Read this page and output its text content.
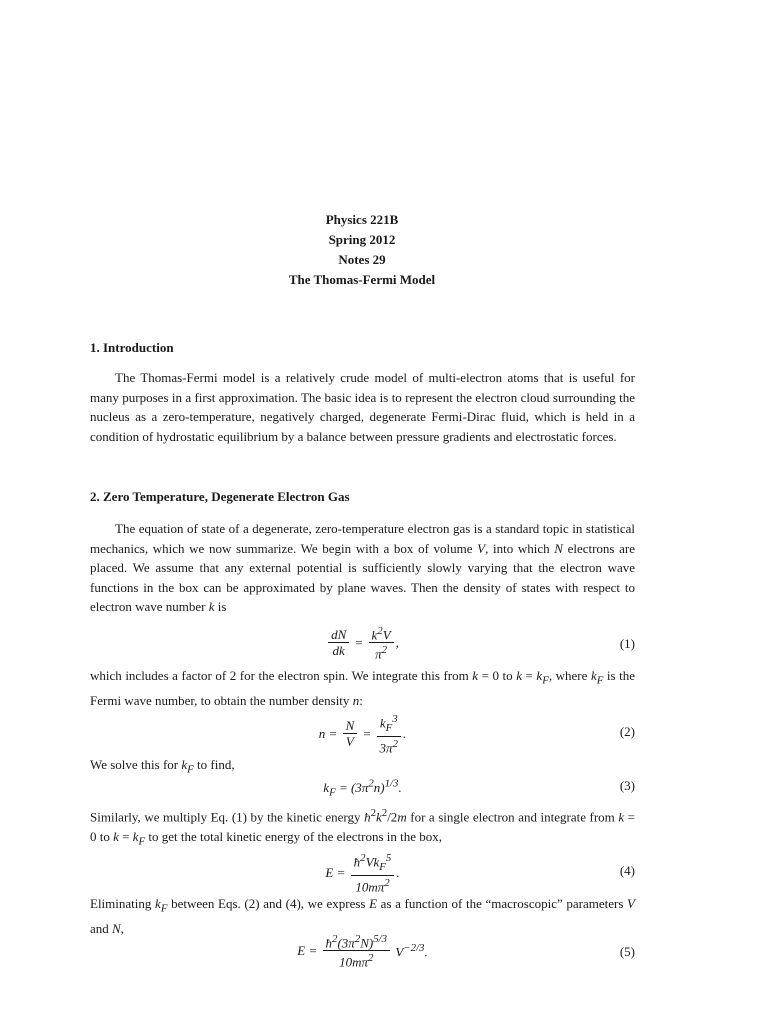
Physics 221B
Spring 2012
Notes 29
The Thomas-Fermi Model
1. Introduction
The Thomas-Fermi model is a relatively crude model of multi-electron atoms that is useful for many purposes in a first approximation. The basic idea is to represent the electron cloud surrounding the nucleus as a zero-temperature, negatively charged, degenerate Fermi-Dirac fluid, which is held in a condition of hydrostatic equilibrium by a balance between pressure gradients and electrostatic forces.
2. Zero Temperature, Degenerate Electron Gas
The equation of state of a degenerate, zero-temperature electron gas is a standard topic in statistical mechanics, which we now summarize. We begin with a box of volume V, into which N electrons are placed. We assume that any external potential is sufficiently slowly varying that the electron wave functions in the box can be approximated by plane waves. Then the density of states with respect to electron wave number k is
$\frac{dN}{dk} = \frac{k^2V}{\pi^2}$ ,	(1)
which includes a factor of 2 for the electron spin. We integrate this from k = 0 to $k = k_F$, where $k_F$ is the Fermi wave number, to obtain the number density n:
$n = \frac{N}{V} = \frac{k_F^3}{3\pi^2}$ .	(2)
We solve this for $k_F$ to find,
$k_F = (3\pi^2n)^{1/3}$.	(3)
Similarly, we multiply Eq. (1) by the kinetic energy $ħ^2k^2/2m$ for a single electron and integrate from k = 0 to $k = k_F$ to get the total kinetic energy of the electrons in the box,
$E = \frac{ħ^2Vk_F^5}{10m\pi^2}$ .	(4)
Eliminating $k_F$ between Eqs. (2) and (4), we express E as a function of the “macroscopic” parameters V and N,
$E = \frac{ħ^2(3\pi^2N)^{5/3}}{10m\pi^2} V^{-2/3}$.	(5)
